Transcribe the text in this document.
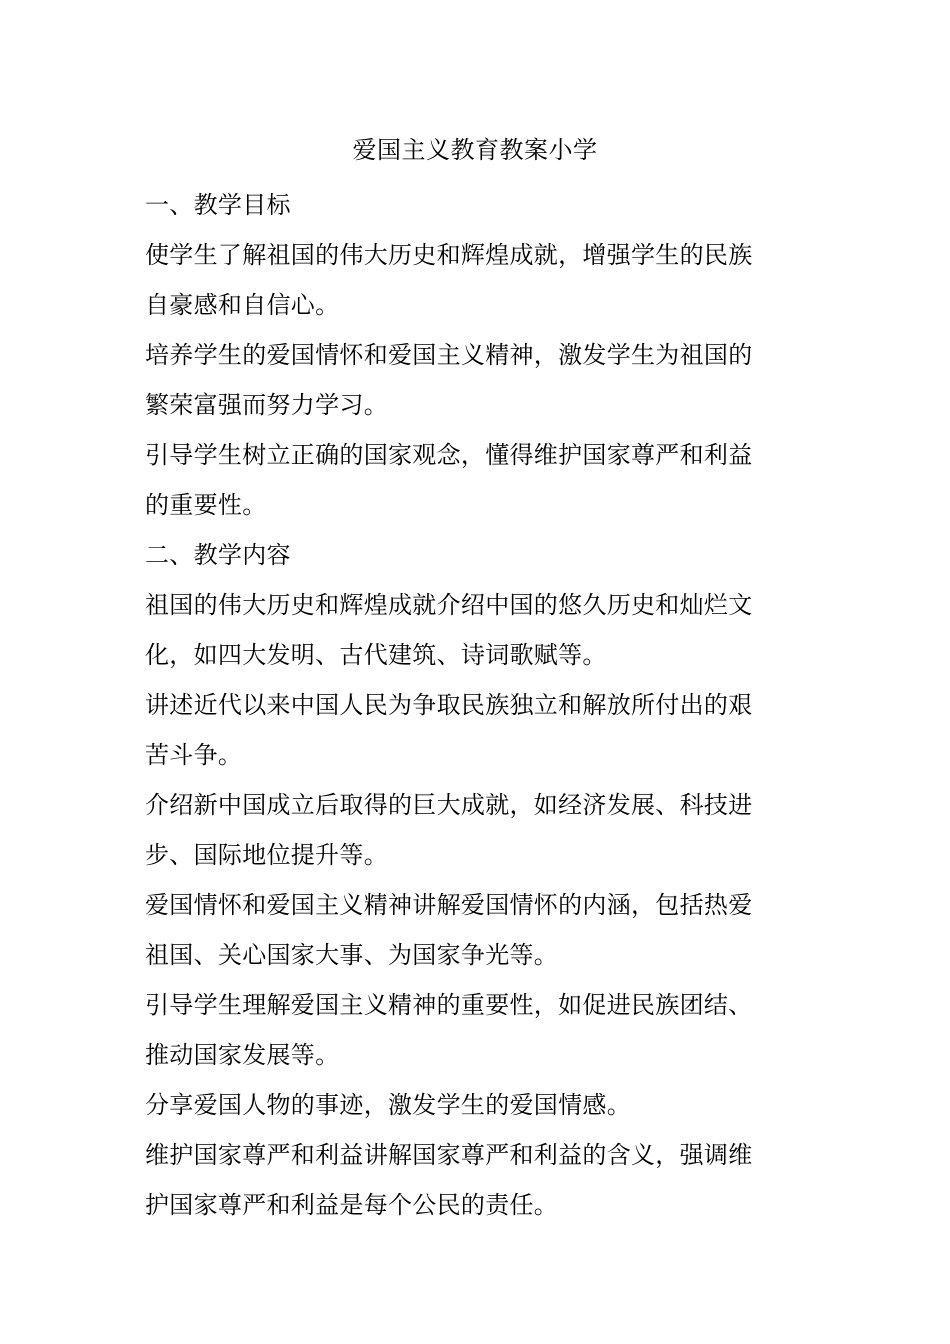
爱国主义教育教案小学
一、教学目标
使学生了解祖国的伟大历史和辉煌成就，增强学生的民族
自豪感和自信心。
培养学生的爱国情怀和爱国主义精神，激发学生为祖国的
繁荣富强而努力学习。
引导学生树立正确的国家观念，懂得维护国家尊严和利益
的重要性。
二、教学内容
祖国的伟大历史和辉煌成就介绍中国的悠久历史和灿烂文
化，如四大发明、古代建筑、诗词歌赋等。
讲述近代以来中国人民为争取民族独立和解放所付出的艰
苦斗争。
介绍新中国成立后取得的巨大成就，如经济发展、科技进
步、国际地位提升等。
爱国情怀和爱国主义精神讲解爱国情怀的内涵，包括热爱
祖国、关心国家大事、为国家争光等。
引导学生理解爱国主义精神的重要性，如促进民族团结、
推动国家发展等。
分享爱国人物的事迹，激发学生的爱国情感。
维护国家尊严和利益讲解国家尊严和利益的含义，强调维
护国家尊严和利益是每个公民的责任。
